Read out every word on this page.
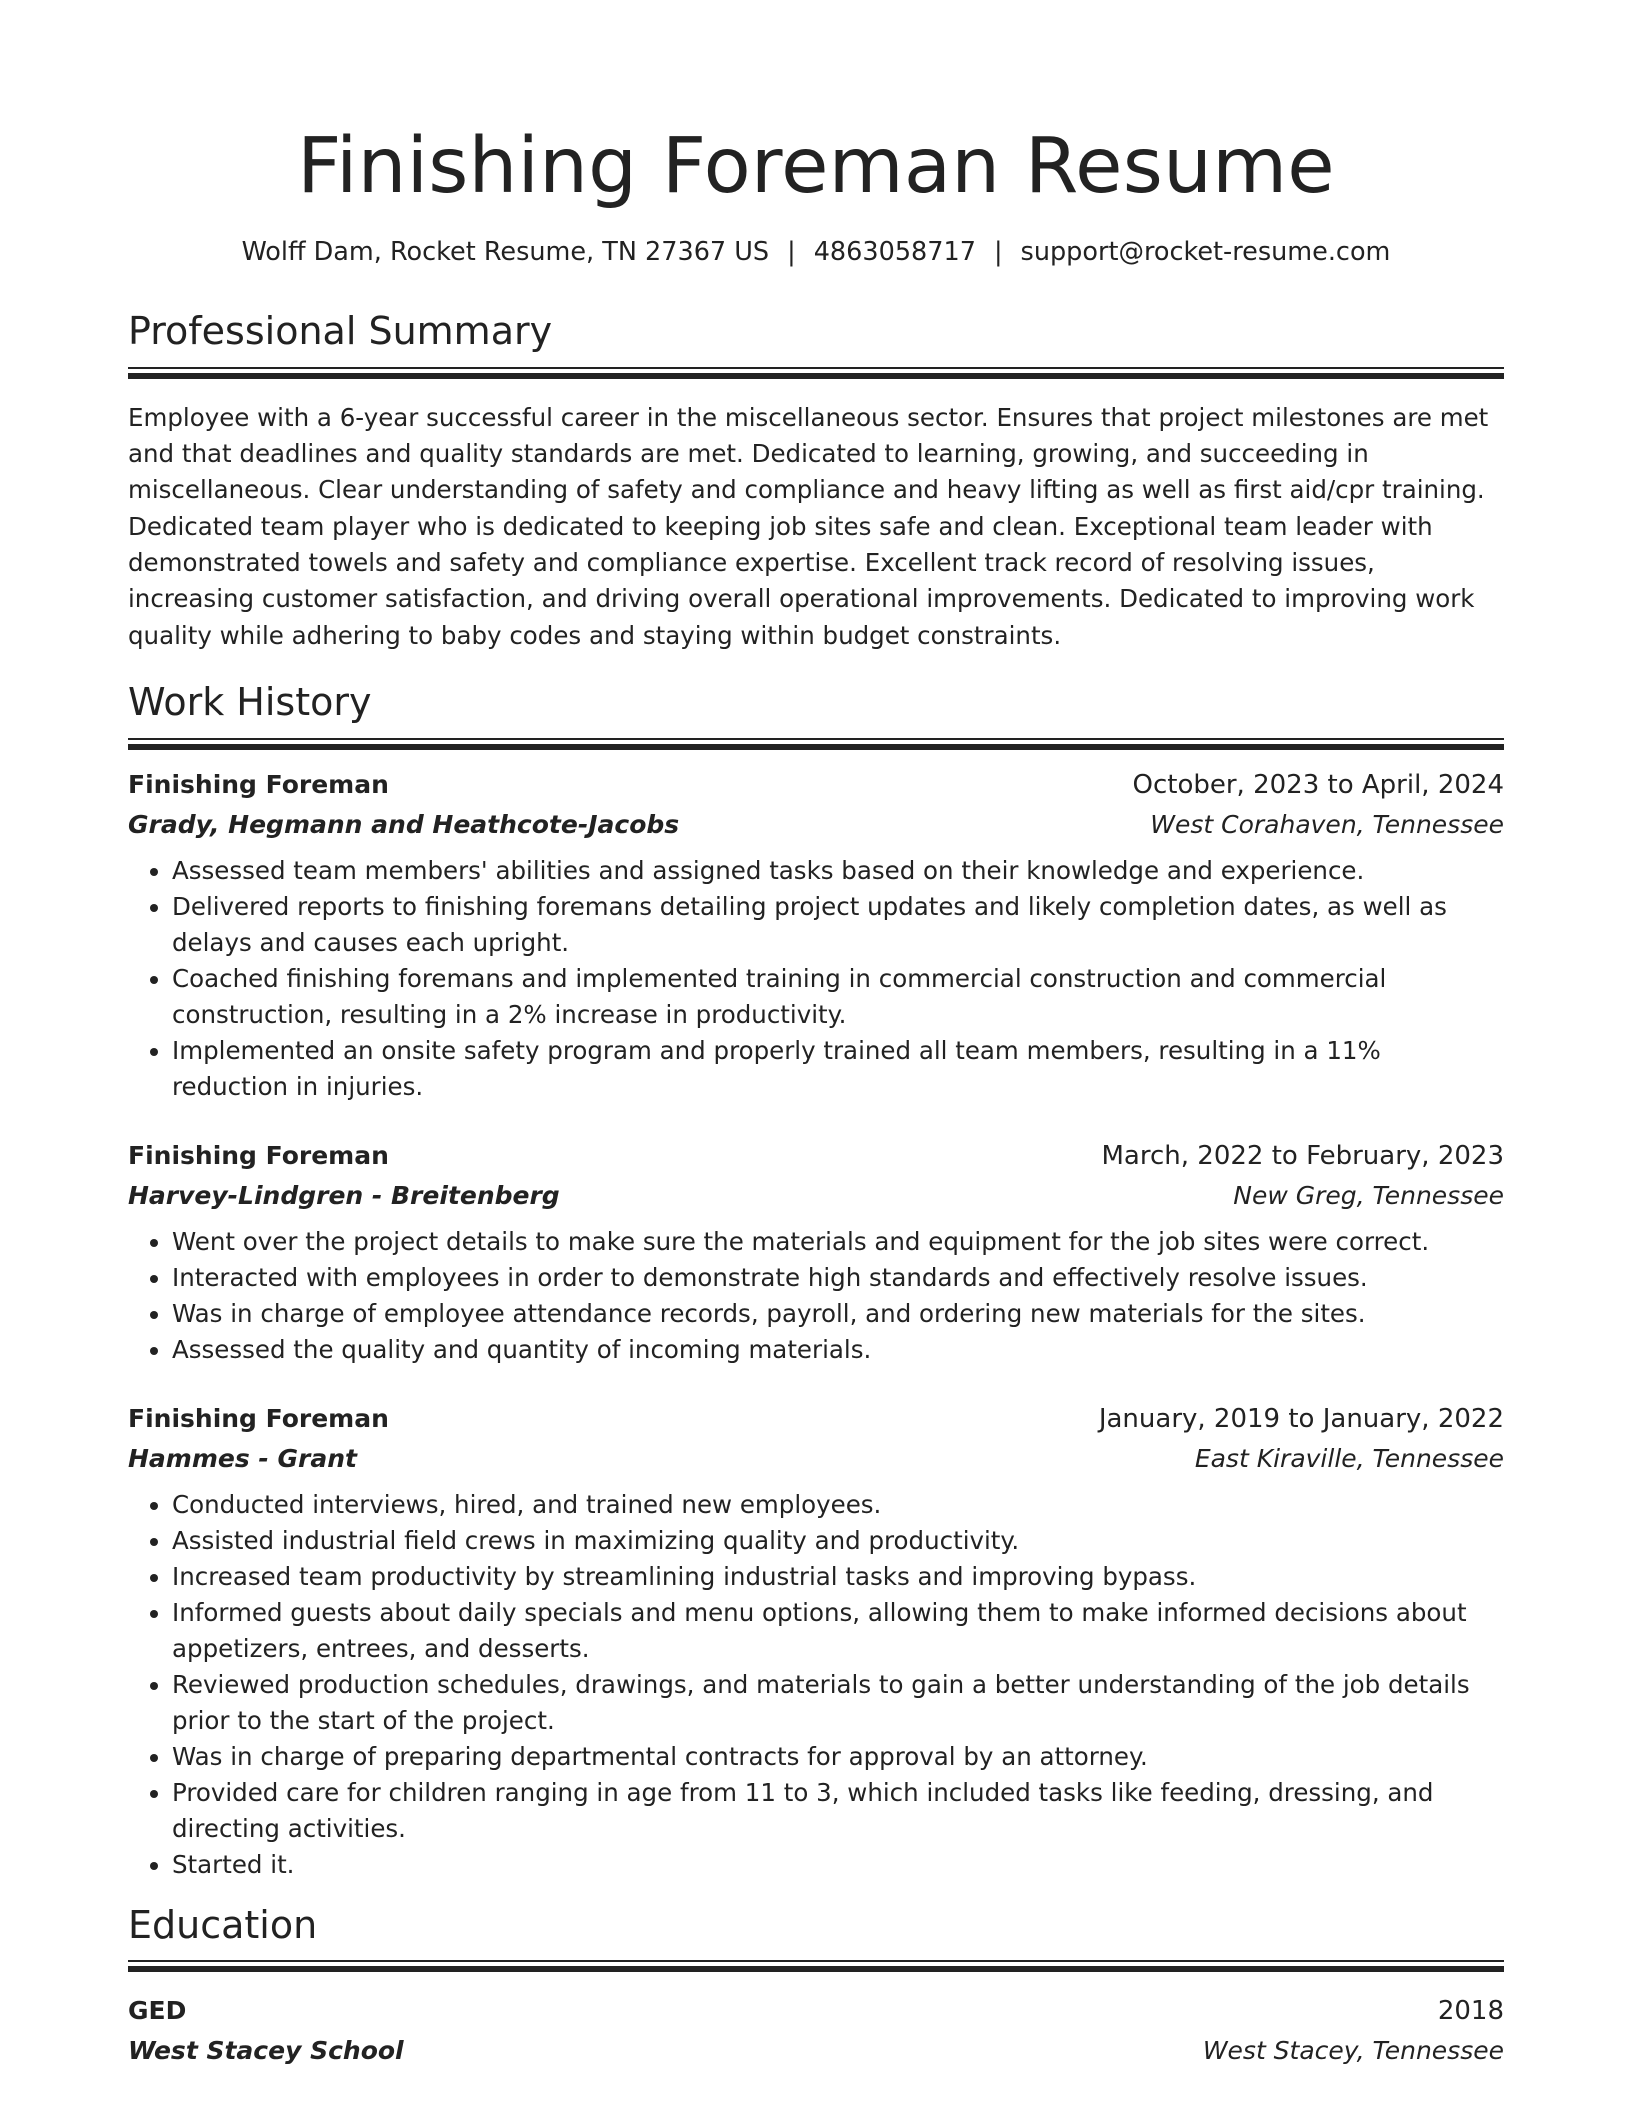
Finishing Foreman Resume
Wolff Dam, Rocket Resume, TN 27367 US | 4863058717 | support@rocket-resume.com
Professional Summary

Employee with a 6-year successful career in the miscellaneous sector. Ensures that project milestones are met and that deadlines and quality standards are met. Dedicated to learning, growing, and succeeding in miscellaneous. Clear understanding of safety and compliance and heavy lifting as well as first aid/cpr training. Dedicated team player who is dedicated to keeping job sites safe and clean. Exceptional team leader with demonstrated towels and safety and compliance expertise. Excellent track record of resolving issues, increasing customer satisfaction, and driving overall operational improvements. Dedicated to improving work quality while adhering to baby codes and staying within budget constraints.

Work History
Finishing Foreman	October, 2023 to April, 2024
Grady, Hegmann and Heathcote-Jacobs	West Corahaven, Tennessee
• Assessed team members' abilities and assigned tasks based on their knowledge and experience.
• Delivered reports to finishing foremans detailing project updates and likely completion dates, as well as delays and causes each upright.
• Coached finishing foremans and implemented training in commercial construction and commercial construction, resulting in a 2% increase in productivity.
• Implemented an onsite safety program and properly trained all team members, resulting in a 11% reduction in injuries.
Finishing Foreman	March, 2022 to February, 2023
Harvey-Lindgren - Breitenberg	New Greg, Tennessee
• Went over the project details to make sure the materials and equipment for the job sites were correct.
• Interacted with employees in order to demonstrate high standards and effectively resolve issues.
• Was in charge of employee attendance records, payroll, and ordering new materials for the sites.
• Assessed the quality and quantity of incoming materials.
Finishing Foreman	January, 2019 to January, 2022
Hammes - Grant	East Kiraville, Tennessee
• Conducted interviews, hired, and trained new employees.
• Assisted industrial field crews in maximizing quality and productivity.
• Increased team productivity by streamlining industrial tasks and improving bypass.
• Informed guests about daily specials and menu options, allowing them to make informed decisions about appetizers, entrees, and desserts.
• Reviewed production schedules, drawings, and materials to gain a better understanding of the job details prior to the start of the project.
• Was in charge of preparing departmental contracts for approval by an attorney.
• Provided care for children ranging in age from 11 to 3, which included tasks like feeding, dressing, and directing activities.
• Started it.
Education
GED	2018
West Stacey School	West Stacey, Tennessee
